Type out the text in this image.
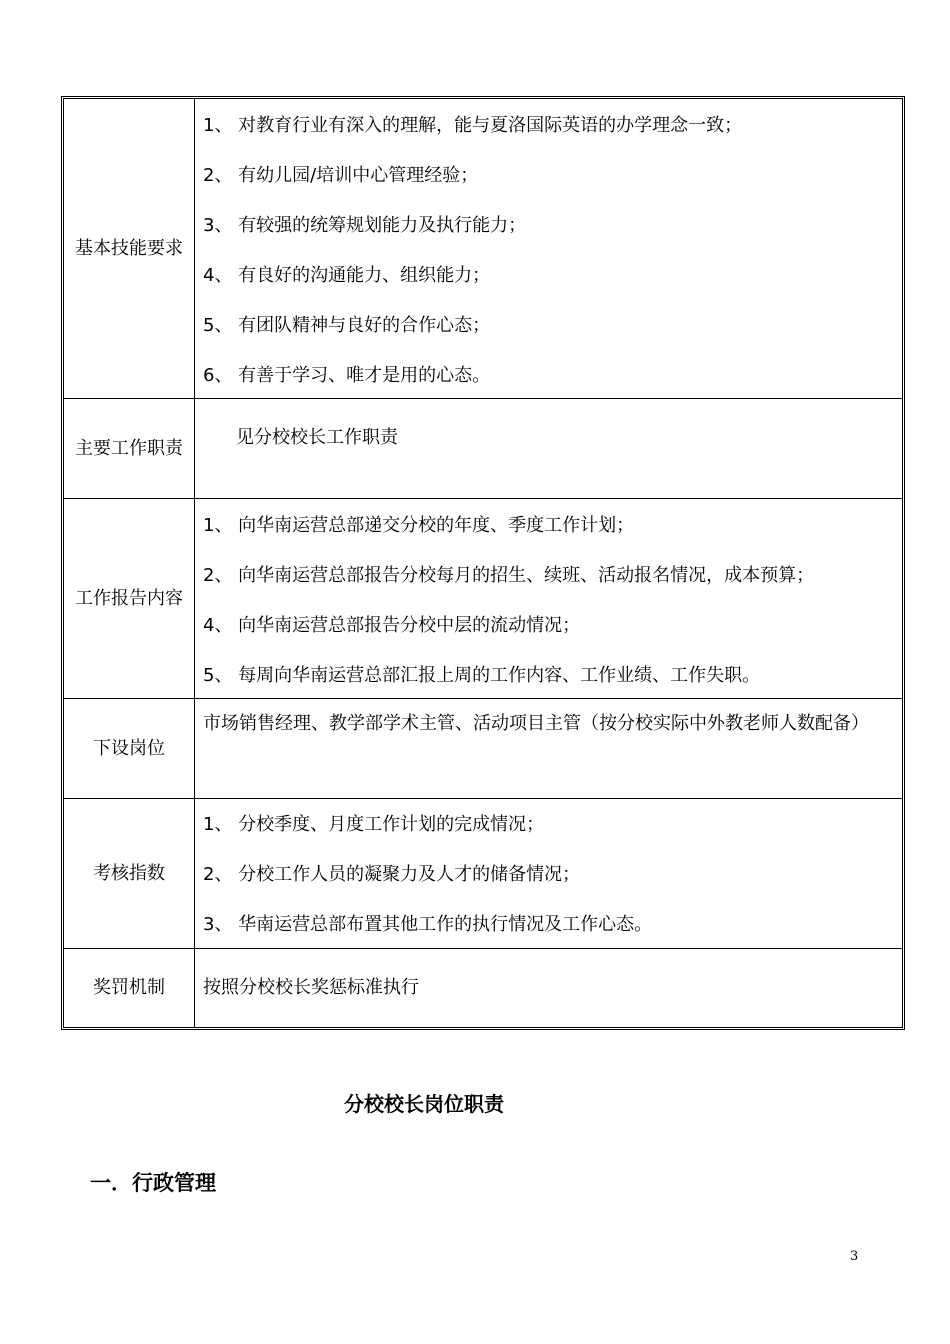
基本技能要求
1、 对教育行业有深入的理解，能与夏洛国际英语的办学理念一致；
2、 有幼儿园/培训中心管理经验；
3、 有较强的统筹规划能力及执行能力；
4、 有良好的沟通能力、组织能力；
5、 有团队精神与良好的合作心态；
6、 有善于学习、唯才是用的心态。
主要工作职责	见分校校长工作职责
工作报告内容
1、 向华南运营总部递交分校的年度、季度工作计划；
2、 向华南运营总部报告分校每月的招生、续班、活动报名情况，成本预算；
4、 向华南运营总部报告分校中层的流动情况；
5、 每周向华南运营总部汇报上周的工作内容、工作业绩、工作失职。
下设岗位
市场销售经理、教学部学术主管、活动项目主管（按分校实际中外教老师人数配备）
考核指数
1、 分校季度、月度工作计划的完成情况；
2、 分校工作人员的凝聚力及人才的储备情况；
3、 华南运营总部布置其他工作的执行情况及工作心态。
奖罚机制	按照分校校长奖惩标准执行
分校校长岗位职责
一．行政管理
3
